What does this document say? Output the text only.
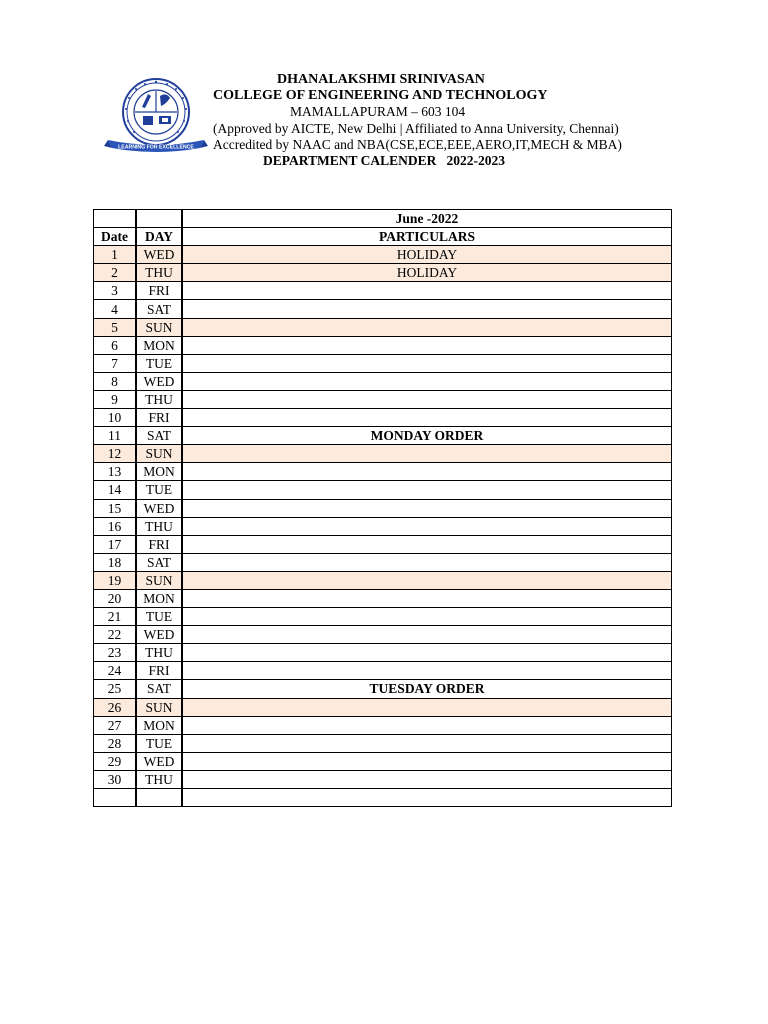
LEARNING FOR EXCELLENCE
DHANALAKSHMI SRINIVASAN
COLLEGE OF ENGINEERING AND TECHNOLOGY
MAMALLAPURAM – 603 104
(Approved by AICTE, New Delhi | Affiliated to Anna University, Chennai)
Accredited by NAAC and NBA(CSE,ECE,EEE,AERO,IT,MECH & MBA)
DEPARTMENT CALENDER   2022-2023
		June -2022
Date	DAY	PARTICULARS
1	WED	HOLIDAY
2	THU	HOLIDAY
3	FRI	
4	SAT	
5	SUN	
6	MON	
7	TUE	
8	WED	
9	THU	
10	FRI	
11	SAT	MONDAY ORDER
12	SUN	
13	MON	
14	TUE	
15	WED	
16	THU	
17	FRI	
18	SAT	
19	SUN	
20	MON	
21	TUE	
22	WED	
23	THU	
24	FRI	
25	SAT	TUESDAY ORDER
26	SUN	
27	MON	
28	TUE	
29	WED	
30	THU	
